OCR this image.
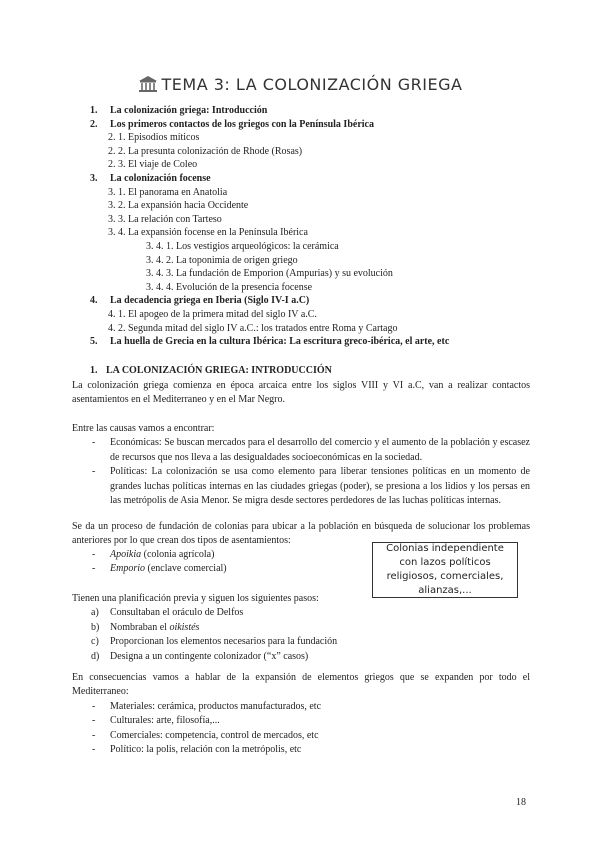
TEMA 3: LA COLONIZACIÓN GRIEGA
1. La colonización griega: Introducción
2. Los primeros contactos de los griegos con la Península Ibérica
2. 1. Episodios míticos
2. 2. La presunta colonización de Rhode (Rosas)
2. 3. El viaje de Coleo
3. La colonización focense
3. 1. El panorama en Anatolia
3. 2. La expansión hacia Occidente
3. 3. La relación con Tarteso
3. 4. La expansión focense en la Península Ibérica
3. 4. 1. Los vestigios arqueológicos: la cerámica
3. 4. 2. La toponimia de origen griego
3. 4. 3. La fundación de Emporion (Ampurias) y su evolución
3. 4. 4. Evolución de la presencia focense
4. La decadencia griega en Iberia (Siglo IV-I a.C)
4. 1. El apogeo de la primera mitad del siglo IV a.C.
4. 2. Segunda mitad del siglo IV a.C.: los tratados entre Roma y Cartago
5. La huella de Grecia en la cultura Ibérica: La escritura greco-ibérica, el arte, etc
1. LA COLONIZACIÓN GRIEGA: INTRODUCCIÓN

La colonización griega comienza en época arcaica entre los siglos VIII y VI a.C, van a realizar contactos asentamientos en el Mediterraneo y en el Mar Negro.

Entre las causas vamos a encontrar:

- Económicas: Se buscan mercados para el desarrollo del comercio y el aumento de la población y escasez de recursos que nos lleva a las desigualdades socioeconómicas en la sociedad.
- Políticas: La colonización se usa como elemento para liberar tensiones políticas en un momento de grandes luchas políticas internas en las ciudades griegas (poder), se presiona a los lidios y los persas en las metrópolis de Asia Menor. Se migra desde sectores perdedores de las luchas políticas internas.

Se da un proceso de fundación de colonias para ubicar a la población en búsqueda de solucionar los problemas anteriores por lo que crean dos tipos de asentamientos:

- Apoikia (colonia agrícola)
- Emporio (enclave comercial)
Colonias independiente con lazos políticos religiosos, comerciales, alianzas,...

Tienen una planificación previa y siguen los siguientes pasos:

a) Consultaban el oráculo de Delfos
b) Nombraban el oikistés
c) Proporcionan los elementos necesarios para la fundación
d) Designa a un contingente colonizador (“x” casos)

En consecuencias vamos a hablar de la expansión de elementos griegos que se expanden por todo el Mediterraneo:

- Materiales: cerámica, productos manufacturados, etc
- Culturales: arte, filosofía,...
- Comerciales: competencia, control de mercados, etc
- Político: la polis, relación con la metrópolis, etc
18
